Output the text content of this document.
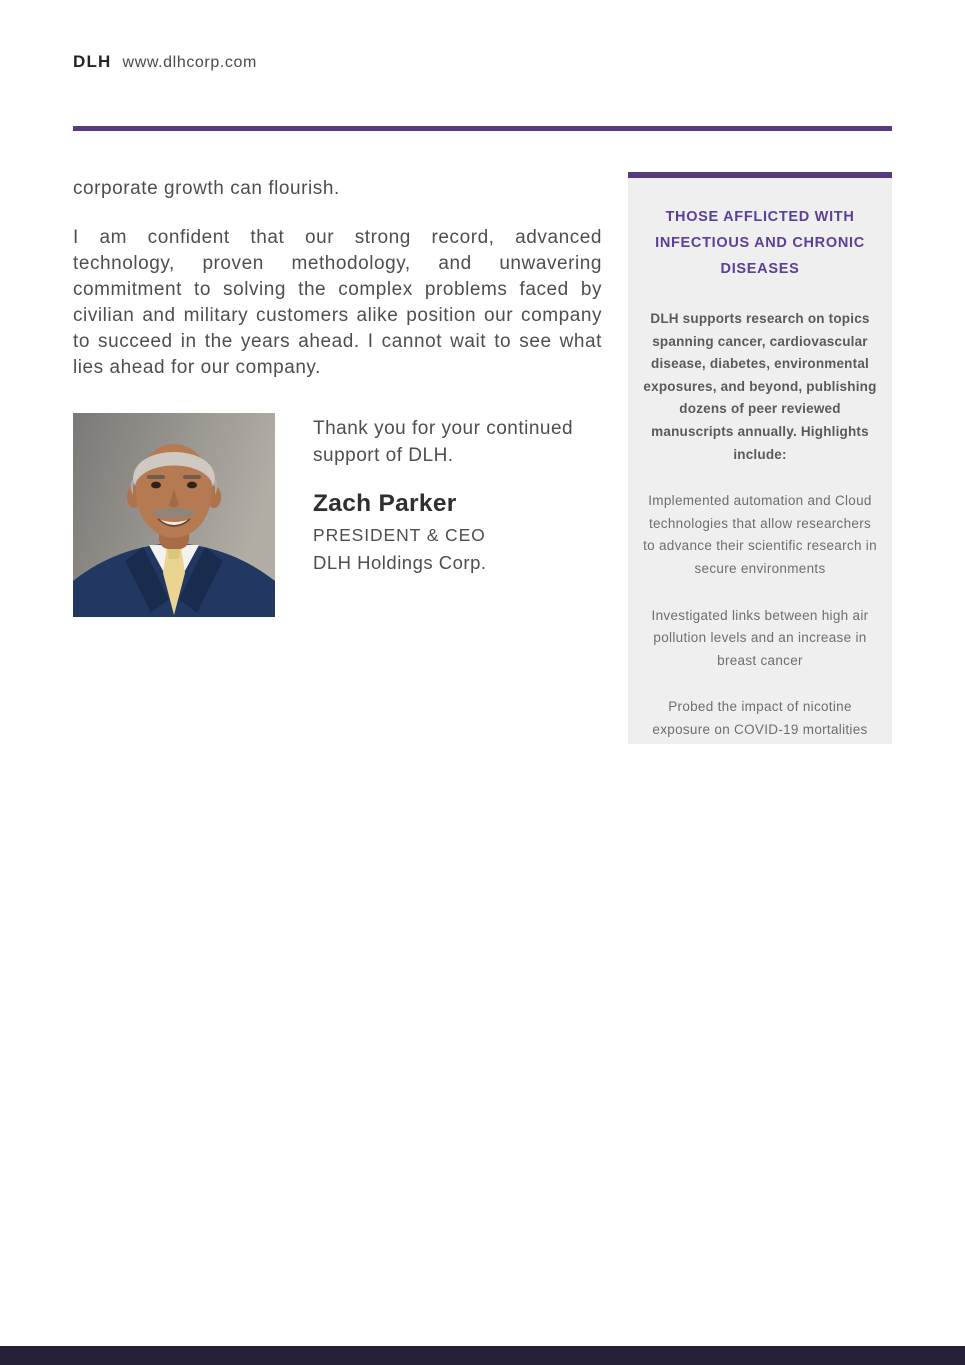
DLH www.dlhcorp.com

corporate growth can flourish.

I am confident that our strong record, advanced technology, proven methodology, and unwavering commitment to solving the complex problems faced by civilian and military customers alike position our company to succeed in the years ahead. I cannot wait to see what lies ahead for our company.

Thank you for your continued support of DLH.
Zach Parker
PRESIDENT & CEO
DLH Holdings Corp.
THOSE AFFLICTED WITH INFECTIOUS AND CHRONIC DISEASES
DLH supports research on topics spanning cancer, cardiovascular disease, diabetes, environmental exposures, and beyond, publishing dozens of peer reviewed manuscripts annually. Highlights include:
Implemented automation and Cloud technologies that allow researchers to advance their scientific research in secure environments
Investigated links between high air pollution levels and an increase in breast cancer
Probed the impact of nicotine exposure on COVID-19 mortalities
